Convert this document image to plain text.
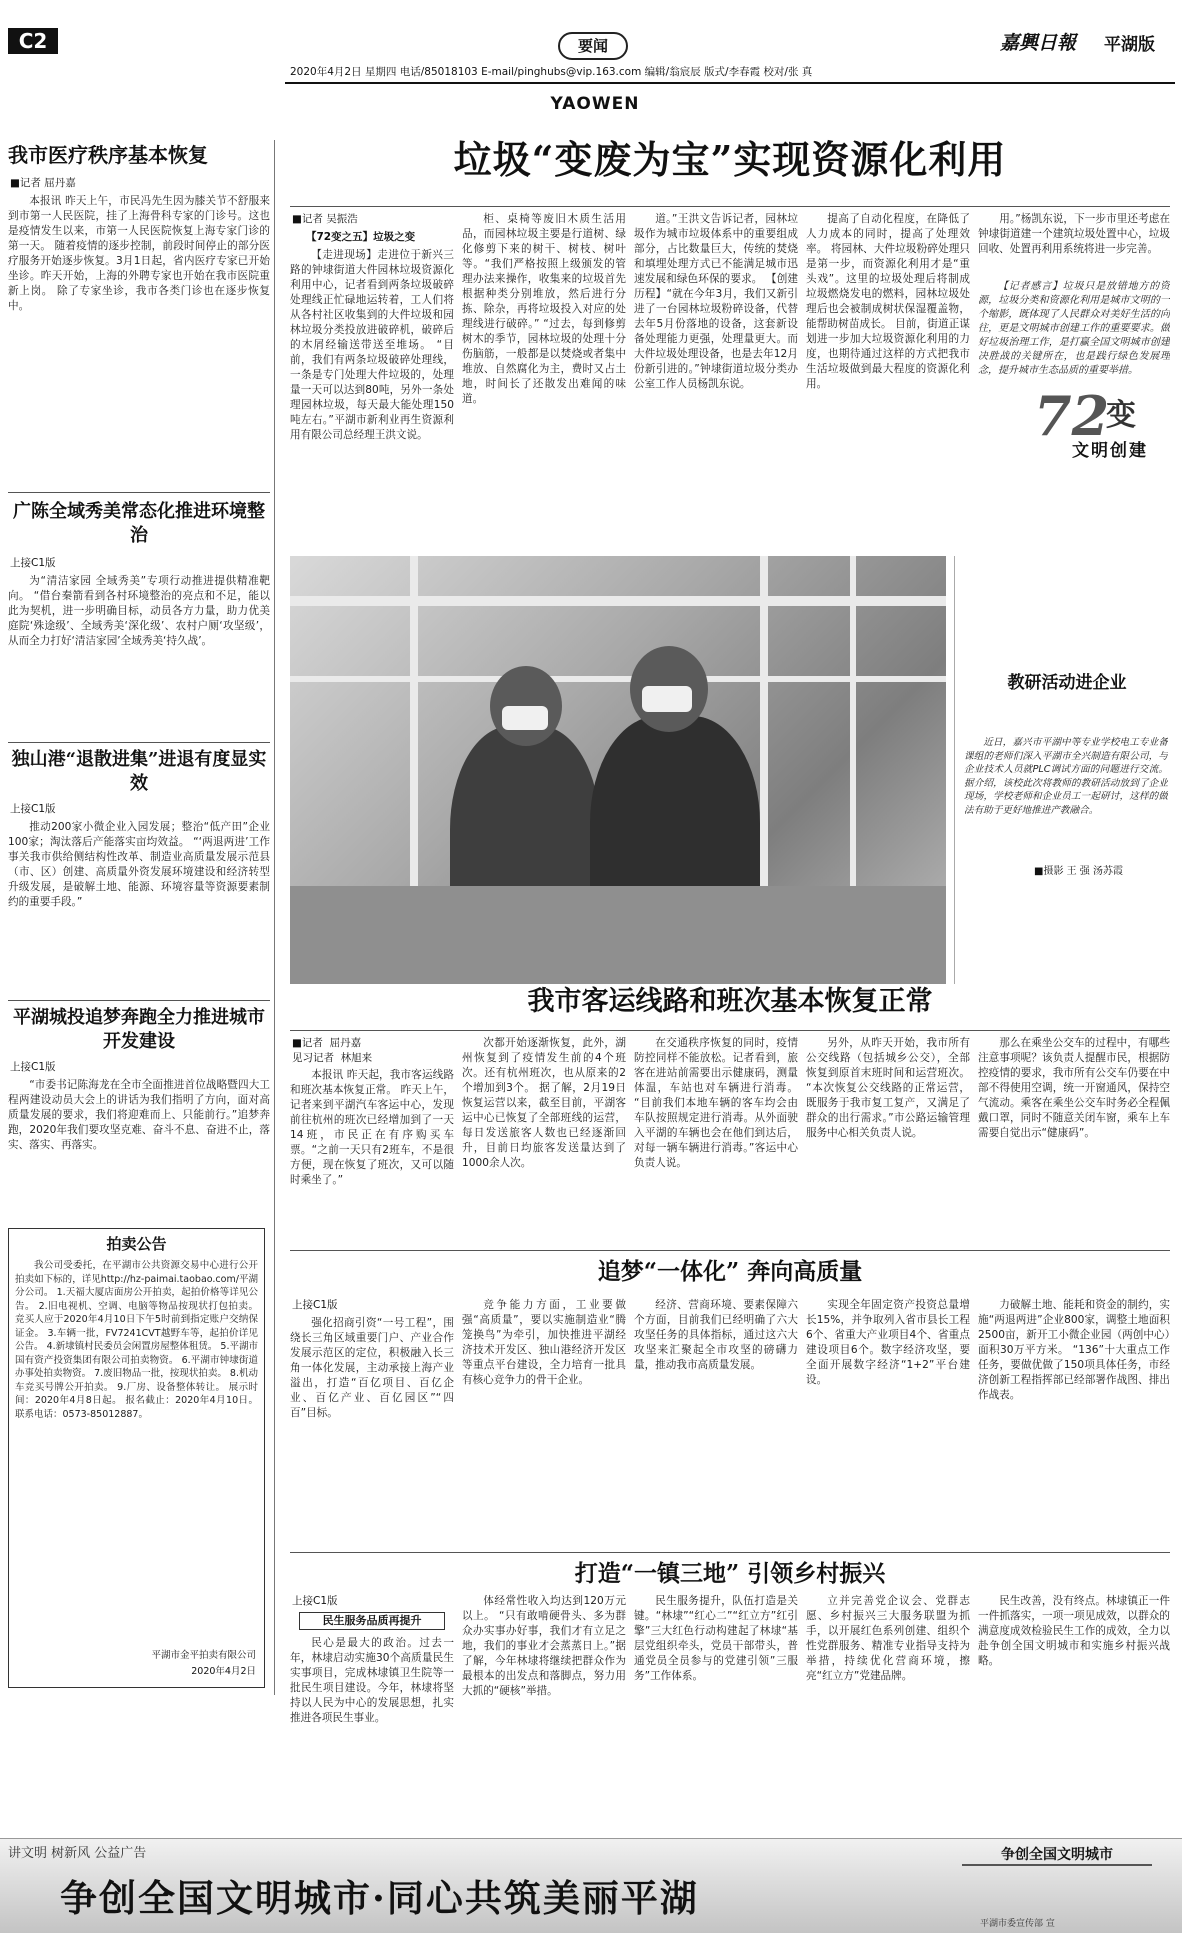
C2	要闻
2020年4月2日 星期四 电话/85018103 E-mail/pinghubs@vip.163.com 编辑/翁宸辰 版式/李春霞 校对/张 真
嘉興日報 平湖版
YAOWEN
我市医疗秩序基本恢复
■记者 屈丹嘉
本报讯 昨天上午，市民冯先生因为膝关节不舒服来到市第一人民医院，挂了上海骨科专家的门诊号。这也是疫情发生以来，市第一人民医院恢复上海专家门诊的第一天。 随着疫情的逐步控制，前段时间停止的部分医疗服务开始逐步恢复。3月1日起，省内医疗专家已开始坐诊。昨天开始，上海的外聘专家也开始在我市医院重新上岗。 除了专家坐诊，我市各类门诊也在逐步恢复中。
广陈全域秀美常态化推进环境整治
上接C1版
为“清洁家园 全域秀美”专项行动推进提供精准靶向。 “借台秦箭看到各村环境整治的亮点和不足，能以此为契机，进一步明确目标，动员各方力量，助力优美庭院‘殊途级’、全域秀美‘深化级’、农村户厕‘攻坚级’，从而全力打好‘清洁家园’全域秀美‘持久战’。
独山港“退散进集”进退有度显实效
上接C1版
推动200家小微企业入园发展；整治“低产田”企业100家；淘汰落后产能落实亩均效益。 “‘两退两进’工作事关我市供给侧结构性改革、制造业高质量发展示范县（市、区）创建、高质量外资发展环境建设和经济转型升级发展，是破解土地、能源、环境容量等资源要素制约的重要手段。”
平湖城投追梦奔跑全力推进城市开发建设
上接C1版
“市委书记陈海龙在全市全面推进首位战略暨四大工程两建设动员大会上的讲话为我们指明了方向，面对高质量发展的要求，我们将迎难而上、只能前行。”追梦奔跑，2020年我们要攻坚克难、奋斗不息、奋进不止，落实、落实、再落实。
拍卖公告
我公司受委托，在平湖市公共资源交易中心进行公开拍卖如下标的，详见http://hz-paimai.taobao.com/平湖分公司。 1.天福大厦店面房公开拍卖，起拍价格等详见公告。 2.旧电视机、空调、电脑等物品按现状打包拍卖。 竞买人应于2020年4月10日下午5时前到指定账户交纳保证金。 3.车辆一批，FV7241CVT越野车等，起拍价详见公告。 4.新埭镇村民委员会闲置房屋整体租赁。 5.平湖市国有资产投资集团有限公司拍卖物资。 6.平湖市钟埭街道办事处拍卖物资。 7.废旧物品一批，按现状拍卖。 8.机动车竞买号牌公开拍卖。 9.厂房、设备整体转让。 展示时间：2020年4月8日起。 报名截止：2020年4月10日。 联系电话：0573-85012887。
平湖市金平拍卖有限公司
2020年4月2日
垃圾“变废为宝”实现资源化利用
■记者 吴振浩
【72变之五】垃圾之变
【走进现场】走进位于新兴三路的钟埭街道大件园林垃圾资源化利用中心，记者看到两条垃圾破碎处理线正忙碌地运转着，工人们将从各村社区收集到的大件垃圾和园林垃圾分类投放进破碎机，破碎后的木屑经输送带送至堆场。 “目前，我们有两条垃圾破碎处理线，一条是专门处理大件垃圾的，处理量一天可以达到80吨，另外一条处理园林垃圾，每天最大能处理150吨左右。”平湖市新利业再生资源利用有限公司总经理王洪文说。
柜、桌椅等废旧木质生活用品，而园林垃圾主要是行道树、绿化修剪下来的树干、树枝、树叶等。“我们严格按照上级颁发的管理办法来操作，收集来的垃圾首先根据种类分别堆放，然后进行分拣、除杂，再将垃圾投入对应的处理线进行破碎。” “过去，每到修剪树木的季节，园林垃圾的处理十分伤脑筋，一般都是以焚烧或者集中堆放、自然腐化为主，费时又占土地，时间长了还散发出难闻的味道。
道。”王洪文告诉记者，园林垃圾作为城市垃圾体系中的重要组成部分，占比数量巨大，传统的焚烧和填埋处理方式已不能满足城市迅速发展和绿色环保的要求。 【创建历程】“就在今年3月，我们又新引进了一台园林垃圾粉碎设备，代替去年5月份落地的设备，这套新设备处理能力更强，处理量更大。而大件垃圾处理设备，也是去年12月份新引进的。”钟埭街道垃圾分类办公室工作人员杨凯东说。
提高了自动化程度，在降低了人力成本的同时，提高了处理效率。 将园林、大件垃圾粉碎处理只是第一步，而资源化利用才是“重头戏”。这里的垃圾处理后将制成垃圾燃烧发电的燃料，园林垃圾处理后也会被制成树状保湿覆盖物，能帮助树苗成长。 目前，街道正谋划进一步加大垃圾资源化利用的力度，也期待通过这样的方式把我市生活垃圾做到最大程度的资源化利用。
用。”杨凯东说，下一步市里还考虑在钟埭街道建一个建筑垃圾处置中心，垃圾回收、处置再利用系统将进一步完善。
【记者感言】垃圾只是放错地方的资源，垃圾分类和资源化利用是城市文明的一个缩影，既体现了人民群众对美好生活的向往，更是文明城市创建工作的重要要求。做好垃圾治理工作，是打赢全国文明城市创建决胜战的关键所在，也是践行绿色发展理念，提升城市生态品质的重要举措。
72
变
文明创建
教研活动进企业
近日，嘉兴市平湖中等专业学校电工专业备课组的老师们深入平湖市全兴制造有限公司，与企业技术人员就PLC调试方面的问题进行交流。据介绍，该校此次将教师的教研活动放到了企业现场，学校老师和企业员工一起研讨，这样的做法有助于更好地推进产教融合。
■摄影 王 强 汤苏霞
我市客运线路和班次基本恢复正常
■记者  屈丹嘉
见习记者  林旭来
本报讯 昨天起，我市客运线路和班次基本恢复正常。 昨天上午，记者来到平湖汽车客运中心，发现前往杭州的班次已经增加到了一天14班，市民正在有序购买车票。“之前一天只有2班车，不是很方便，现在恢复了班次，又可以随时乘坐了。”
次都开始逐渐恢复，此外，湖州恢复到了疫情发生前的4个班次。还有杭州班次，也从原来的2个增加到3个。 据了解，2月19日恢复运营以来，截至目前，平湖客运中心已恢复了全部班线的运营，每日发送旅客人数也已经逐渐回升，目前日均旅客发送量达到了1000余人次。
在交通秩序恢复的同时，疫情防控同样不能放松。记者看到，旅客在进站前需要出示健康码，测量体温，车站也对车辆进行消毒。 “目前我们本地车辆的客车均会由车队按照规定进行消毒。从外面驶入平湖的车辆也会在他们到达后，对每一辆车辆进行消毒。”客运中心负责人说。
另外，从昨天开始，我市所有公交线路（包括城乡公交），全部恢复到原首末班时间和运营班次。 “本次恢复公交线路的正常运营，既服务于我市复工复产，又满足了群众的出行需求。”市公路运输管理服务中心相关负责人说。
那么在乘坐公交车的过程中，有哪些注意事项呢？该负责人提醒市民，根据防控疫情的要求，我市所有公交车仍要在中部不得使用空调，统一开窗通风，保持空气流动。乘客在乘坐公交车时务必全程佩戴口罩，同时不随意关闭车窗，乘车上车需要自觉出示“健康码”。
追梦“一体化” 奔向高质量
上接C1版
强化招商引资“一号工程”，围绕长三角区域重要门户、产业合作发展示范区的定位，积极融入长三角一体化发展，主动承接上海产业溢出，打造“百亿项目、百亿企业、百亿产业、百亿园区”“四百”目标。
竞争能力方面，工业要做强“高质量”，要以实施制造业“腾笼换鸟”为牵引，加快推进平湖经济技术开发区、独山港经济开发区等重点平台建设，全力培育一批具有核心竞争力的骨干企业。
经济、营商环境、要素保障六个方面，目前我们已经明确了六大攻坚任务的具体指标，通过这六大攻坚来汇聚起全市攻坚的磅礴力量，推动我市高质量发展。
实现全年固定资产投资总量增长15%，并争取列入省市县长工程6个、省重大产业项目4个、省重点建设项目6个。数字经济攻坚，要全面开展数字经济“1+2”平台建设。
力破解土地、能耗和资金的制约，实施“两退两进”企业800家，调整土地面积2500亩，新开工小微企业园（两创中心）面积30万平方米。 “136”十大重点工作任务，要做优做了150项具体任务，市经济创新工程指挥部已经部署作战图、排出作战表。
打造“一镇三地” 引领乡村振兴
上接C1版
民生服务品质再提升
民心是最大的政治。过去一年，林埭启动实施30个高质量民生实事项目，完成林埭镇卫生院等一批民生项目建设。今年，林埭将坚持以人民为中心的发展思想，扎实推进各项民生事业。
体经常性收入均达到120万元以上。 “只有敢啃硬骨头、多为群众办实事办好事，我们才有立足之地，我们的事业才会蒸蒸日上。”据了解，今年林埭将继续把群众作为最根本的出发点和落脚点，努力用大抓的“硬核”举措。
民生服务提升，队伍打造是关键。“林埭”“红心二”“红立方”红引擎”三大红色行动构建起了林埭“基层党组织牵头，党员干部带头，普通党员全员参与的党建引领”三服务”工作体系。
立并完善党企议会、党群志愿、乡村振兴三大服务联盟为抓手，以开展红色系列创建、组织个性党群服务、精准专业指导支持为举措，持续优化营商环境，擦亮“红立方”党建品牌。
民生改善，没有终点。林埭镇正一件一件抓落实，一项一项见成效，以群众的满意度成效检验民生工作的成效，全力以赴争创全国文明城市和实施乡村振兴战略。
讲文明 树新风 公益广告
争创全国文明城市·同心共筑美丽平湖
争创全国文明城市
平湖市委宣传部 宣
